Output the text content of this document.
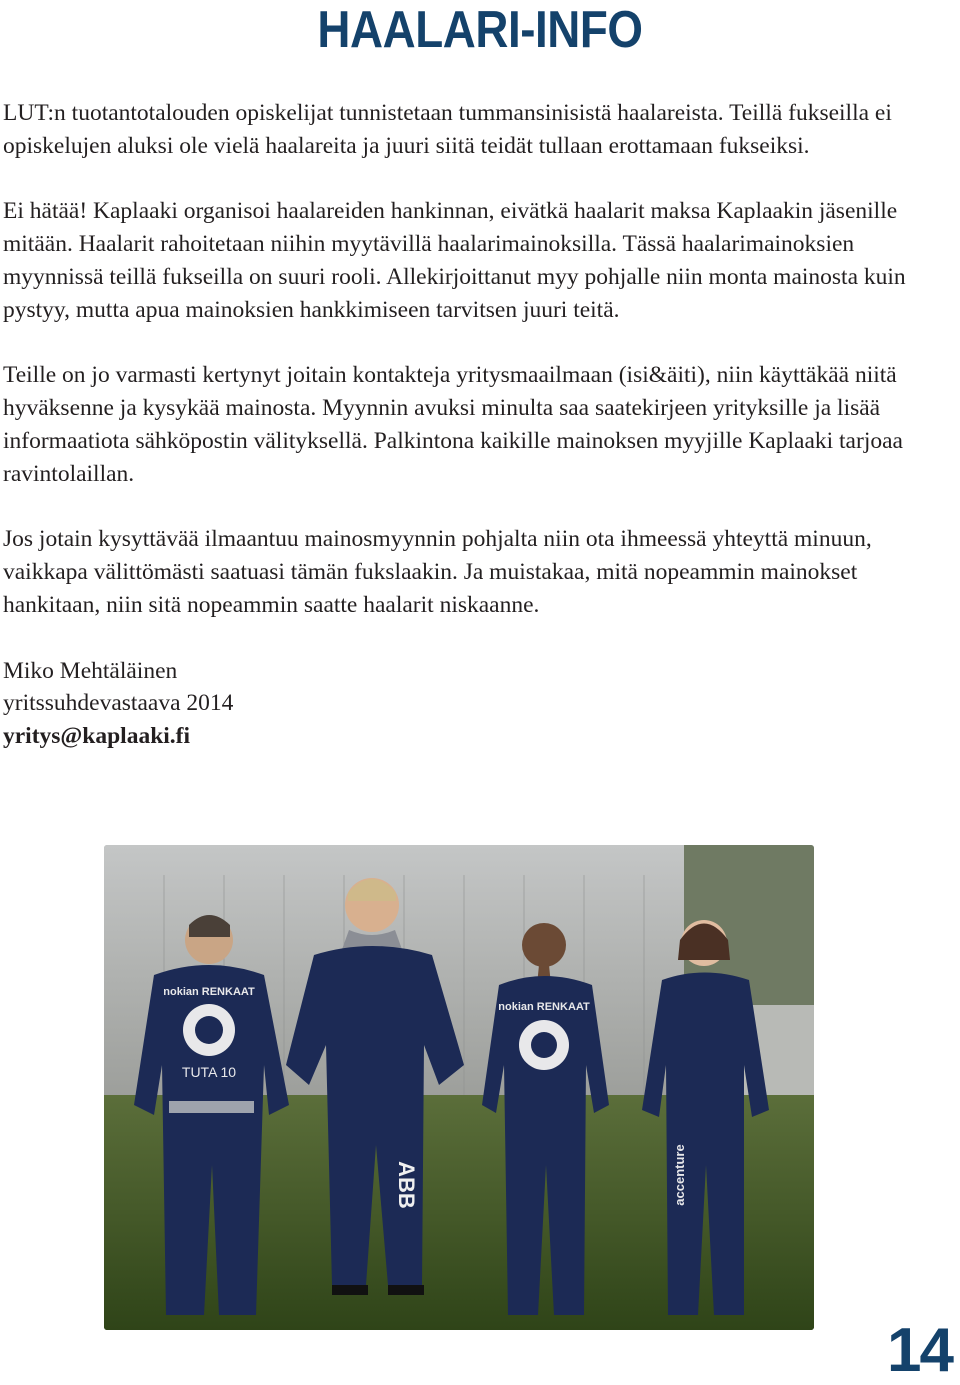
HAALARI-INFO

LUT:n tuotantotalouden opiskelijat tunnistetaan tummansinisistä haalareista. Teillä fukseilla ei opiskelujen aluksi ole vielä haalareita ja juuri siitä teidät tullaan erottamaan fukseiksi.

Ei hätää! Kaplaaki organisoi haalareiden hankinnan, eivätkä haalarit maksa Kaplaakin jäsenille mitään. Haalarit rahoitetaan niihin myytävillä haalarimainoksilla. Tässä haalarimainoksien myynnissä teillä fukseilla on suuri rooli. Allekirjoittanut myy pohjalle niin monta mainosta kuin pystyy, mutta apua mainoksien hankkimiseen tarvitsen juuri teitä.

Teille on jo varmasti kertynyt joitain kontakteja yritysmaailmaan (isi&äiti), niin käyttäkää niitä hyväksenne ja kysykää mainosta. Myynnin avuksi minulta saa saatekirjeen yrityksille ja lisää informaatiota sähköpostin välityksellä. Palkintona kaikille mainoksen myyjille Kaplaaki tarjoaa ravintolaillan.

Jos jotain kysyttävää ilmaantuu mainosmyynnin pohjalta niin ota ihmeessä yhteyttä minuun, vaikkapa välittömästi saatuasi tämän fukslaakin. Ja muistakaa, mitä nopeammin mainokset hankitaan, niin sitä nopeammin saatte haalarit niskaanne.

Miko Mehtäläinen

yritssuhdevastaava 2014

yritys@kaplaaki.fi

nokian RENKAAT
TUTA 10
ABB
nokian RENKAAT
accenture
14
